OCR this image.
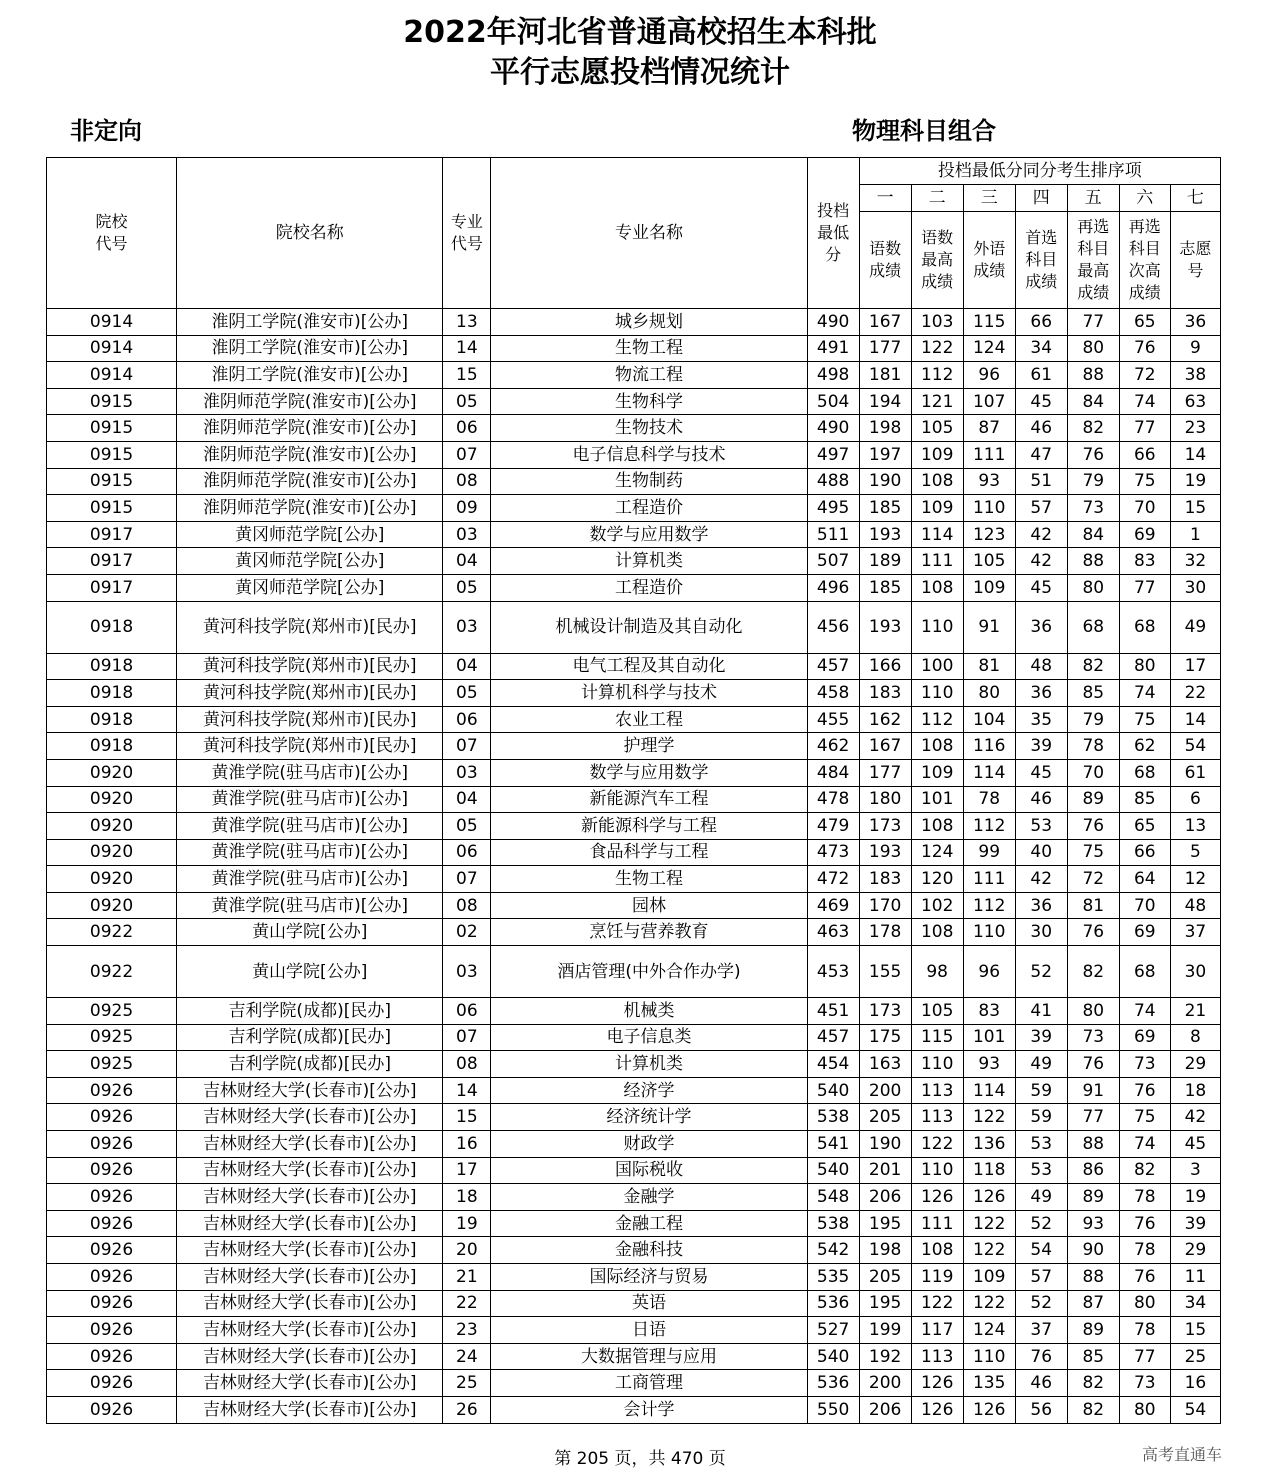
2022年河北省普通高校招生本科批
平行志愿投档情况统计
非定向	物理科目组合
院校代号	院校名称	专业代号	专业名称	投档最低分	投档最低分同分考生排序项						
					一	二	三	四	五	六	七
					语数成绩	语数最高成绩	外语成绩	首选科目成绩	再选科目最高成绩	再选科目次高成绩	志愿号
0914	淮阴工学院(淮安市)[公办]	13	城乡规划	490	167	103	115	66	77	65	36
0914	淮阴工学院(淮安市)[公办]	14	生物工程	491	177	122	124	34	80	76	9
0914	淮阴工学院(淮安市)[公办]	15	物流工程	498	181	112	96	61	88	72	38
0915	淮阴师范学院(淮安市)[公办]	05	生物科学	504	194	121	107	45	84	74	63
0915	淮阴师范学院(淮安市)[公办]	06	生物技术	490	198	105	87	46	82	77	23
0915	淮阴师范学院(淮安市)[公办]	07	电子信息科学与技术	497	197	109	111	47	76	66	14
0915	淮阴师范学院(淮安市)[公办]	08	生物制药	488	190	108	93	51	79	75	19
0915	淮阴师范学院(淮安市)[公办]	09	工程造价	495	185	109	110	57	73	70	15
0917	黄冈师范学院[公办]	03	数学与应用数学	511	193	114	123	42	84	69	1
0917	黄冈师范学院[公办]	04	计算机类	507	189	111	105	42	88	83	32
0917	黄冈师范学院[公办]	05	工程造价	496	185	108	109	45	80	77	30
0918	黄河科技学院(郑州市)[民办]	03	机械设计制造及其自动化	456	193	110	91	36	68	68	49
0918	黄河科技学院(郑州市)[民办]	04	电气工程及其自动化	457	166	100	81	48	82	80	17
0918	黄河科技学院(郑州市)[民办]	05	计算机科学与技术	458	183	110	80	36	85	74	22
0918	黄河科技学院(郑州市)[民办]	06	农业工程	455	162	112	104	35	79	75	14
0918	黄河科技学院(郑州市)[民办]	07	护理学	462	167	108	116	39	78	62	54
0920	黄淮学院(驻马店市)[公办]	03	数学与应用数学	484	177	109	114	45	70	68	61
0920	黄淮学院(驻马店市)[公办]	04	新能源汽车工程	478	180	101	78	46	89	85	6
0920	黄淮学院(驻马店市)[公办]	05	新能源科学与工程	479	173	108	112	53	76	65	13
0920	黄淮学院(驻马店市)[公办]	06	食品科学与工程	473	193	124	99	40	75	66	5
0920	黄淮学院(驻马店市)[公办]	07	生物工程	472	183	120	111	42	72	64	12
0920	黄淮学院(驻马店市)[公办]	08	园林	469	170	102	112	36	81	70	48
0922	黄山学院[公办]	02	烹饪与营养教育	463	178	108	110	30	76	69	37
0922	黄山学院[公办]	03	酒店管理(中外合作办学)	453	155	98	96	52	82	68	30
0925	吉利学院(成都)[民办]	06	机械类	451	173	105	83	41	80	74	21
0925	吉利学院(成都)[民办]	07	电子信息类	457	175	115	101	39	73	69	8
0925	吉利学院(成都)[民办]	08	计算机类	454	163	110	93	49	76	73	29
0926	吉林财经大学(长春市)[公办]	14	经济学	540	200	113	114	59	91	76	18
0926	吉林财经大学(长春市)[公办]	15	经济统计学	538	205	113	122	59	77	75	42
0926	吉林财经大学(长春市)[公办]	16	财政学	541	190	122	136	53	88	74	45
0926	吉林财经大学(长春市)[公办]	17	国际税收	540	201	110	118	53	86	82	3
0926	吉林财经大学(长春市)[公办]	18	金融学	548	206	126	126	49	89	78	19
0926	吉林财经大学(长春市)[公办]	19	金融工程	538	195	111	122	52	93	76	39
0926	吉林财经大学(长春市)[公办]	20	金融科技	542	198	108	122	54	90	78	29
0926	吉林财经大学(长春市)[公办]	21	国际经济与贸易	535	205	119	109	57	88	76	11
0926	吉林财经大学(长春市)[公办]	22	英语	536	195	122	122	52	87	80	34
0926	吉林财经大学(长春市)[公办]	23	日语	527	199	117	124	37	89	78	15
0926	吉林财经大学(长春市)[公办]	24	大数据管理与应用	540	192	113	110	76	85	77	25
0926	吉林财经大学(长春市)[公办]	25	工商管理	536	200	126	135	46	82	73	16
0926	吉林财经大学(长春市)[公办]	26	会计学	550	206	126	126	56	82	80	54
第 205 页，共 470 页	高考直通车
